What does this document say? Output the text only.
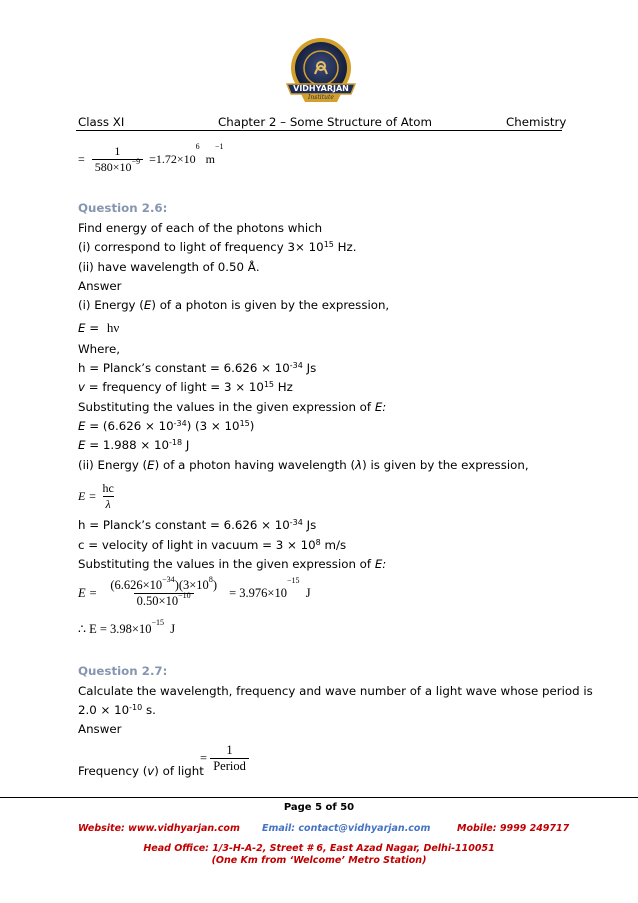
VIDHYARJAN
Institute
Class XI	Chapter 2 – Some Structure of Atom	Chemistry
= $\frac{1}{580\times 10^{-9}} =1.72\times 10^6$  $m^{-1}$
Question 2.6:
Find energy of each of the photons which
(i) correspond to light of frequency $3\times 10^{15}$ Hz.
(ii) have wavelength of 0.50 Å.
Answer
(i) Energy (E) of a photon is given by the expression,
E = hν
Where,
h = Planck’s constant = $6.626 \times 10^{-34}$ Js
v = frequency of light = $3 \times 10^{15}$ Hz
Substituting the values in the given expression of E:
$E = (6.626 \times 10^{-34})$ $(3 \times 10^{15})$
$E = 1.988 \times 10^{-18}$ J
(ii) Energy (E) of a photon having wavelength (λ) is given by the expression,
$E = \frac{hc}{\lambda}$
h = Planck’s constant = $6.626 \times 10^{-34}$ Js
c = velocity of light in vacuum = $3 \times 10^8$ m/s
Substituting the values in the given expression of E:
$E = \frac{(6.626\times 10^{-34})(3\times 10^8)}{0.50\times 10^{-10}} = 3.976\times 10^{-15}$  J
∴ $E = 3.98\times 10^{-15}$ J
Question 2.7:
Calculate the wavelength, frequency and wave number of a light wave whose period is
$2.0 \times 10^{-10}$ s.
Answer
Frequency (v) of light
= $\frac{1}{\text{Period}}$
Page 5 of 50
Website: www.vidhyarjan.com Email: contact@vidhyarjan.com	Mobile: 9999 249717
Head Office: 1/3-H-A-2, Street # 6, East Azad Nagar, Delhi-110051
(One Km from ‘Welcome’ Metro Station)
